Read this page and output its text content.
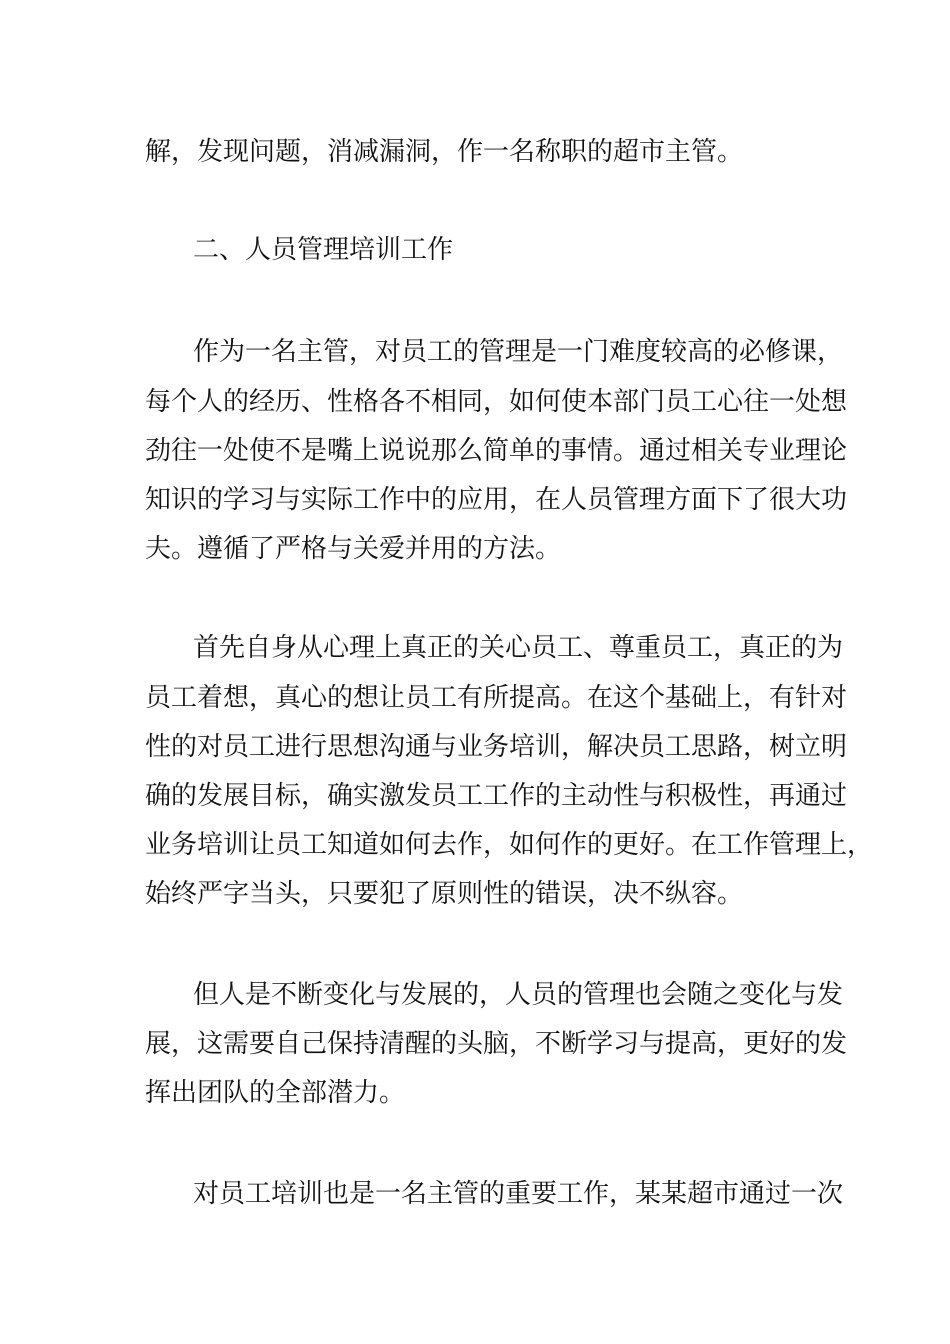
解，发现问题，消减漏洞，作一名称职的超市主管。
二、人员管理培训工作
作为一名主管，对员工的管理是一门难度较高的必修课，
每个人的经历、性格各不相同，如何使本部门员工心往一处想
劲往一处使不是嘴上说说那么简单的事情。通过相关专业理论
知识的学习与实际工作中的应用，在人员管理方面下了很大功
夫。遵循了严格与关爱并用的方法。
首先自身从心理上真正的关心员工、尊重员工，真正的为
员工着想，真心的想让员工有所提高。在这个基础上，有针对
性的对员工进行思想沟通与业务培训，解决员工思路，树立明
确的发展目标，确实激发员工工作的主动性与积极性，再通过
业务培训让员工知道如何去作，如何作的更好。在工作管理上，
始终严字当头，只要犯了原则性的错误，决不纵容。
但人是不断变化与发展的，人员的管理也会随之变化与发
展，这需要自己保持清醒的头脑，不断学习与提高，更好的发
挥出团队的全部潜力。
对员工培训也是一名主管的重要工作，某某超市通过一次
